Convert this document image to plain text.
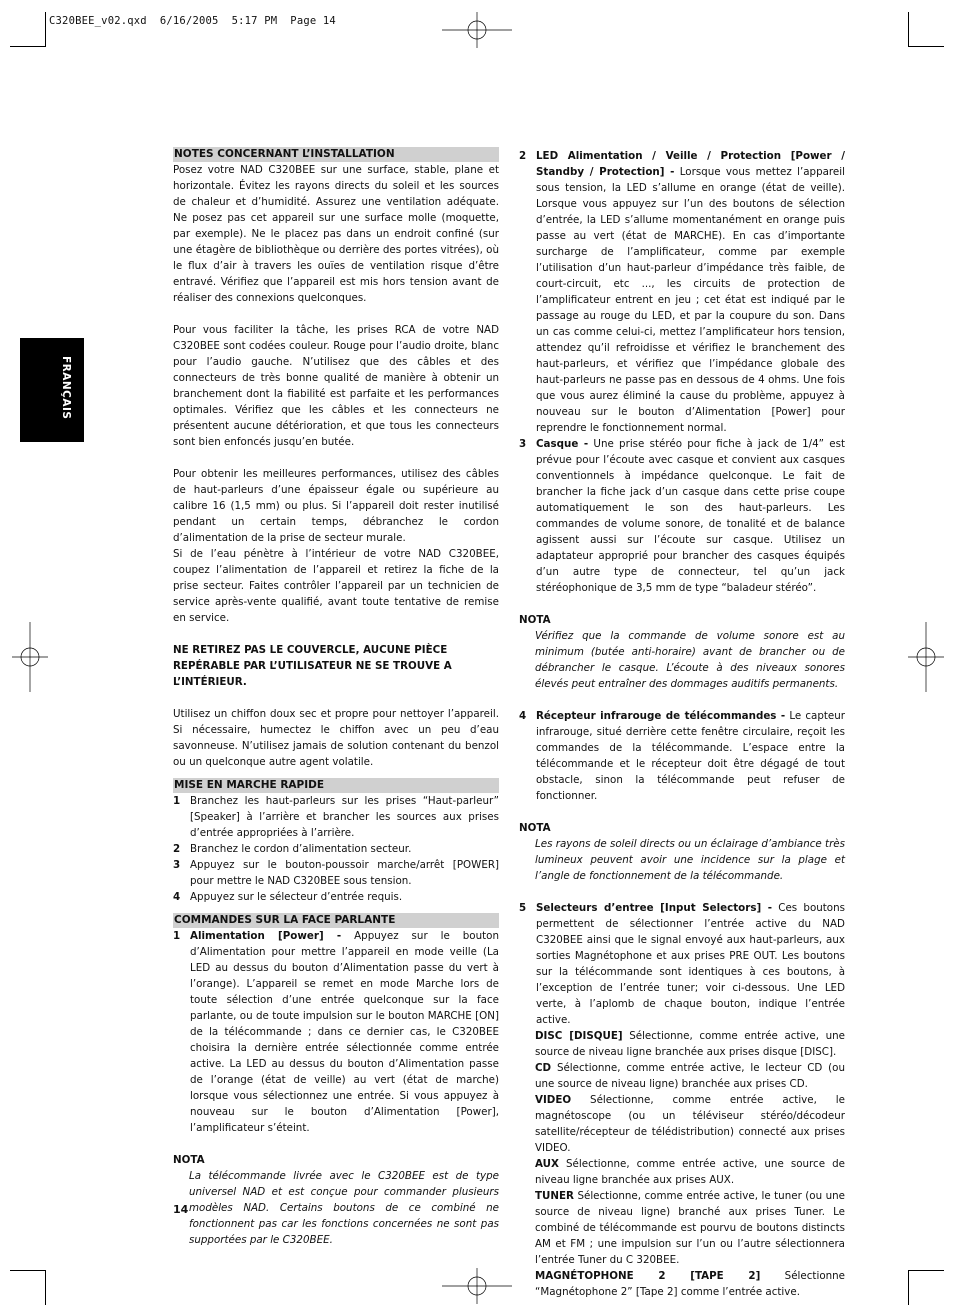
C320BEE_v02.qxd  6/16/2005  5:17 PM  Page 14
FRANÇAIS
NOTES CONCERNANT L’INSTALLATION

Posez votre NAD C320BEE sur une surface, stable, plane et horizontale. Évitez les rayons directs du soleil et les sources de chaleur et d’humidité. Assurez une ventilation adéquate. Ne posez pas cet appareil sur une surface molle (moquette, par exemple). Ne le placez pas dans un endroit confiné (sur une étagère de bibliothèque ou derrière des portes vitrées), où le flux d’air à travers les ouïes de ventilation risque d’être entravé. Vérifiez que l’appareil est mis hors tension avant de réaliser des connexions quelconques.

Pour vous faciliter la tâche, les prises RCA de votre NAD C320BEE sont codées couleur. Rouge pour l’audio droite, blanc pour l’audio gauche. N’utilisez que des câbles et des connecteurs de très bonne qualité de manière à obtenir un branchement dont la fiabilité est parfaite et les performances optimales. Vérifiez que les câbles et les connecteurs ne présentent aucune détérioration, et que tous les connecteurs sont bien enfoncés jusqu’en butée.

Pour obtenir les meilleures performances, utilisez des câbles de haut-parleurs d’une épaisseur égale ou supérieure au calibre 16 (1,5 mm) ou plus. Si l’appareil doit rester inutilisé pendant un certain temps, débranchez le cordon d’alimentation de la prise de secteur murale.

Si de l’eau pénètre à l’intérieur de votre NAD C320BEE, coupez l’alimentation de l’appareil et retirez la fiche de la prise secteur. Faites contrôler l’appareil par un technicien de service après-vente qualifié, avant toute tentative de remise en service.

NE RETIREZ PAS LE COUVERCLE, AUCUNE PIÈCE REPÉRABLE PAR L’UTILISATEUR NE SE TROUVE A L’INTÉRIEUR.

Utilisez un chiffon doux sec et propre pour nettoyer l’appareil. Si nécessaire, humectez le chiffon avec un peu d’eau savonneuse. N’utilisez jamais de solution contenant du benzol ou un quelconque autre agent volatile.

MISE EN MARCHE RAPIDE
1 Branchez les haut-parleurs sur les prises “Haut-parleur” [Speaker] à l’arrière et brancher les sources aux prises d’entrée appropriées à l’arrière.
2 Branchez le cordon d’alimentation secteur.
3 Appuyez sur le bouton-poussoir marche/arrêt [POWER] pour mettre le NAD C320BEE sous tension.
4 Appuyez sur le sélecteur d’entrée requis.
COMMANDES SUR LA FACE PARLANTE
1 Alimentation [Power] - Appuyez sur le bouton d’Alimentation pour mettre l’appareil en mode veille (La LED au dessus du bouton d’Alimentation passe du vert à l’orange). L’appareil se remet en mode Marche lors de toute sélection d’une entrée quelconque sur la face parlante, ou de toute impulsion sur le bouton MARCHE [ON] de la télécommande ; dans ce dernier cas, le C320BEE choisira la dernière entrée sélectionnée comme entrée active. La LED au dessus du bouton d’Alimentation passe de l’orange (état de veille) au vert (état de marche) lorsque vous sélectionnez une entrée. Si vous appuyez à nouveau sur le bouton d’Alimentation [Power], l’amplificateur s’éteint.

NOTA

La télécommande livrée avec le C320BEE est de type universel NAD et est conçue pour commander plusieurs modèles NAD. Certains boutons de ce combiné ne fonctionnent pas car les fonctions concernées ne sont pas supportées par le C320BEE.

2 LED Alimentation / Veille / Protection [Power / Standby / Protection] - Lorsque vous mettez l’appareil sous tension, la LED s’allume en orange (état de veille). Lorsque vous appuyez sur l’un des boutons de sélection d’entrée, la LED s’allume momentanément en orange puis passe au vert (état de MARCHE). En cas d’importante surcharge de l’amplificateur, comme par exemple l’utilisation d’un haut-parleur d’impédance très faible, de court-circuit, etc ..., les circuits de protection de l’amplificateur entrent en jeu ; cet état est indiqué par le passage au rouge du LED, et par la coupure du son. Dans un cas comme celui-ci, mettez l’amplificateur hors tension, attendez qu’il refroidisse et vérifiez le branchement des haut-parleurs, et vérifiez que l’impédance globale des haut-parleurs ne passe pas en dessous de 4 ohms. Une fois que vous aurez éliminé la cause du problème, appuyez à nouveau sur le bouton d’Alimentation [Power] pour reprendre le fonctionnement normal.
3 Casque - Une prise stéréo pour fiche à jack de 1/4” est prévue pour l’écoute avec casque et convient aux casques conventionnels à impédance quelconque. Le fait de brancher la fiche jack d’un casque dans cette prise coupe automatiquement le son des haut-parleurs. Les commandes de volume sonore, de tonalité et de balance agissent aussi sur l’écoute sur casque. Utilisez un adaptateur approprié pour brancher des casques équipés d’un autre type de connecteur, tel qu’un jack stéréophonique de 3,5 mm de type “baladeur stéréo”.

NOTA

Vérifiez que la commande de volume sonore est au minimum (butée anti-horaire) avant de brancher ou de débrancher le casque. L’écoute à des niveaux sonores élevés peut entraîner des dommages auditifs permanents.

4 Récepteur infrarouge de télécommandes - Le capteur infrarouge, situé derrière cette fenêtre circulaire, reçoit les commandes de la télécommande. L’espace entre la télécommande et le récepteur doit être dégagé de tout obstacle, sinon la télécommande peut refuser de fonctionner.

NOTA

Les rayons de soleil directs ou un éclairage d’ambiance très lumineux peuvent avoir une incidence sur la plage et l’angle de fonctionnement de la télécommande.

5 Selecteurs d’entree [Input Selectors] - Ces boutons permettent de sélectionner l’entrée active du NAD C320BEE ainsi que le signal envoyé aux haut-parleurs, aux sorties Magnétophone et aux prises PRE OUT. Les boutons sur la télécommande sont identiques à ces boutons, à l’exception de l’entrée tuner; voir ci-dessous. Une LED verte, à l’aplomb de chaque bouton, indique l’entrée active.

DISC [DISQUE] Sélectionne, comme entrée active, une source de niveau ligne branchée aux prises disque [DISC].

CD Sélectionne, comme entrée active, le lecteur CD (ou une source de niveau ligne) branchée aux prises CD.

VIDEO Sélectionne, comme entrée active, le magnétoscope (ou un téléviseur stéréo/décodeur satellite/récepteur de télédistribution) connecté aux prises VIDEO.

AUX Sélectionne, comme entrée active, une source de niveau ligne branchée aux prises AUX.

TUNER Sélectionne, comme entrée active, le tuner (ou une source de niveau ligne) branché aux prises Tuner. Le combiné de télécommande est pourvu de boutons distincts AM et FM ; une impulsion sur l’un ou l’autre sélectionnera l’entrée Tuner du C 320BEE.

MAGNÉTOPHONE 2 [TAPE 2] Sélectionne “Magnétophone 2” [Tape 2] comme l’entrée active.

14
